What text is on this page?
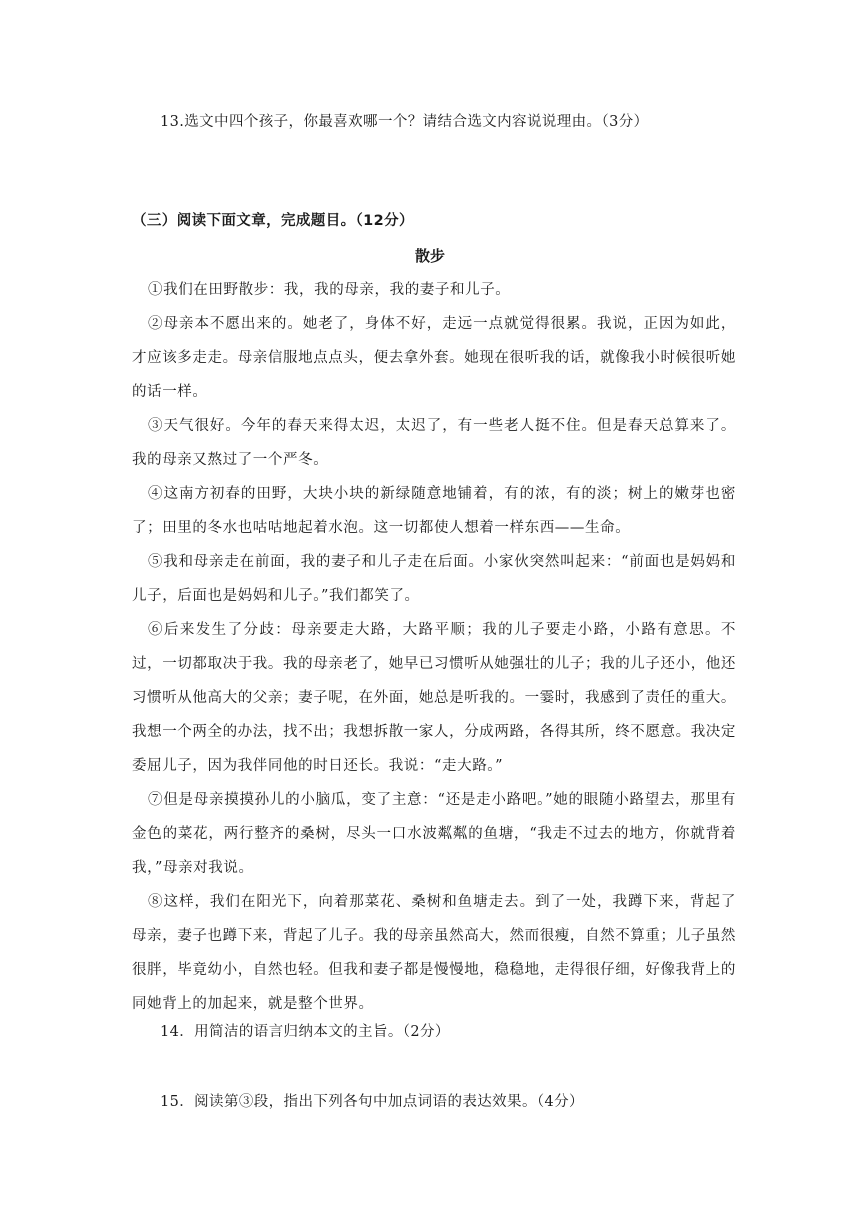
13.选文中四个孩子，你最喜欢哪一个？请结合选文内容说说理由。（3分）
（三）阅读下面文章，完成题目。（12分）
散步
①我们在田野散步：我，我的母亲，我的妻子和儿子。
②母亲本不愿出来的。她老了，身体不好，走远一点就觉得很累。我说，正因为如此，才应该多走走。母亲信服地点点头，便去拿外套。她现在很听我的话，就像我小时候很听她的话一样。
③天气很好。今年的春天来得太迟，太迟了，有一些老人挺不住。但是春天总算来了。我的母亲又熬过了一个严冬。
④这南方初春的田野，大块小块的新绿随意地铺着，有的浓，有的淡；树上的嫩芽也密了；田里的冬水也咕咕地起着水泡。这一切都使人想着一样东西——生命。
⑤我和母亲走在前面，我的妻子和儿子走在后面。小家伙突然叫起来：“前面也是妈妈和儿子，后面也是妈妈和儿子。”我们都笑了。
⑥后来发生了分歧：母亲要走大路，大路平顺；我的儿子要走小路，小路有意思。不过，一切都取决于我。我的母亲老了，她早已习惯听从她强壮的儿子；我的儿子还小，他还习惯听从他高大的父亲；妻子呢，在外面，她总是听我的。一霎时，我感到了责任的重大。我想一个两全的办法，找不出；我想拆散一家人，分成两路，各得其所，终不愿意。我决定委屈儿子，因为我伴同他的时日还长。我说：“走大路。”
⑦但是母亲摸摸孙儿的小脑瓜，变了主意：“还是走小路吧。”她的眼随小路望去，那里有金色的菜花，两行整齐的桑树，尽头一口水波粼粼的鱼塘，“我走不过去的地方，你就背着我，”母亲对我说。
⑧这样，我们在阳光下，向着那菜花、桑树和鱼塘走去。到了一处，我蹲下来，背起了母亲，妻子也蹲下来，背起了儿子。我的母亲虽然高大，然而很瘦，自然不算重；儿子虽然很胖，毕竟幼小，自然也轻。但我和妻子都是慢慢地，稳稳地，走得很仔细，好像我背上的同她背上的加起来，就是整个世界。
14．用简洁的语言归纳本文的主旨。（2分）
15．阅读第③段，指出下列各句中加点词语的表达效果。（4分）
